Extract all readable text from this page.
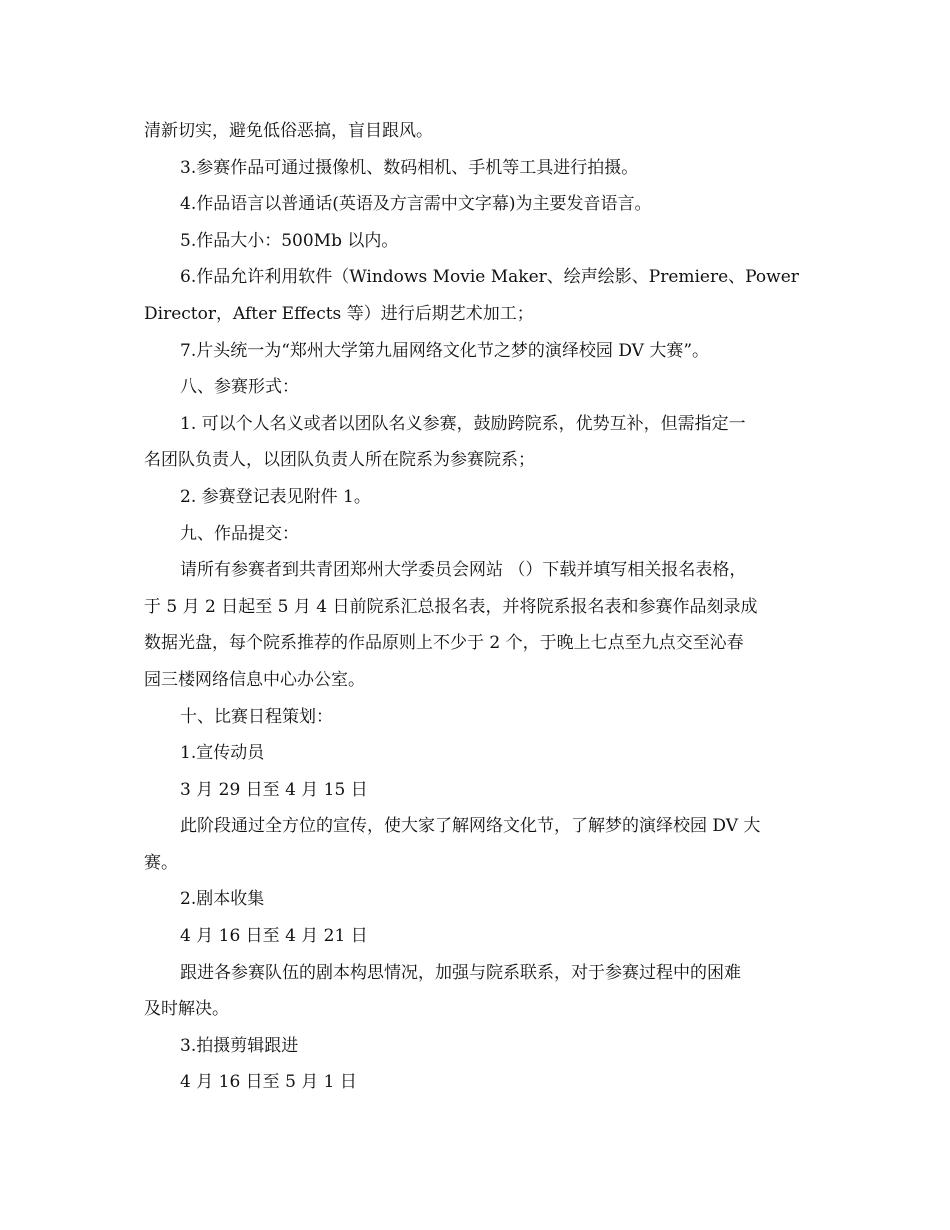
清新切实，避免低俗恶搞，盲目跟风。
3.参赛作品可通过摄像机、数码相机、手机等工具进行拍摄。
4.作品语言以普通话(英语及方言需中文字幕)为主要发音语言。
5.作品大小：500Mb 以内。
6.作品允许利用软件（Windows Movie Maker、绘声绘影、Premiere、Power
Director，After Effects 等）进行后期艺术加工；
7.片头统一为“郑州大学第九届网络文化节之梦的演绎校园 DV 大赛”。
八、参赛形式：
1. 可以个人名义或者以团队名义参赛，鼓励跨院系，优势互补，但需指定一
名团队负责人，以团队负责人所在院系为参赛院系；
2. 参赛登记表见附件 1。
九、作品提交：
请所有参赛者到共青团郑州大学委员会网站 （）下载并填写相关报名表格，
于 5 月 2 日起至 5 月 4 日前院系汇总报名表，并将院系报名表和参赛作品刻录成
数据光盘，每个院系推荐的作品原则上不少于 2 个，于晚上七点至九点交至沁春
园三楼网络信息中心办公室。
十、比赛日程策划：
1.宣传动员
3 月 29 日至 4 月 15 日
此阶段通过全方位的宣传，使大家了解网络文化节，了解梦的演绎校园 DV 大
赛。
2.剧本收集
4 月 16 日至 4 月 21 日
跟进各参赛队伍的剧本构思情况，加强与院系联系，对于参赛过程中的困难
及时解决。
3.拍摄剪辑跟进
4 月 16 日至 5 月 1 日
